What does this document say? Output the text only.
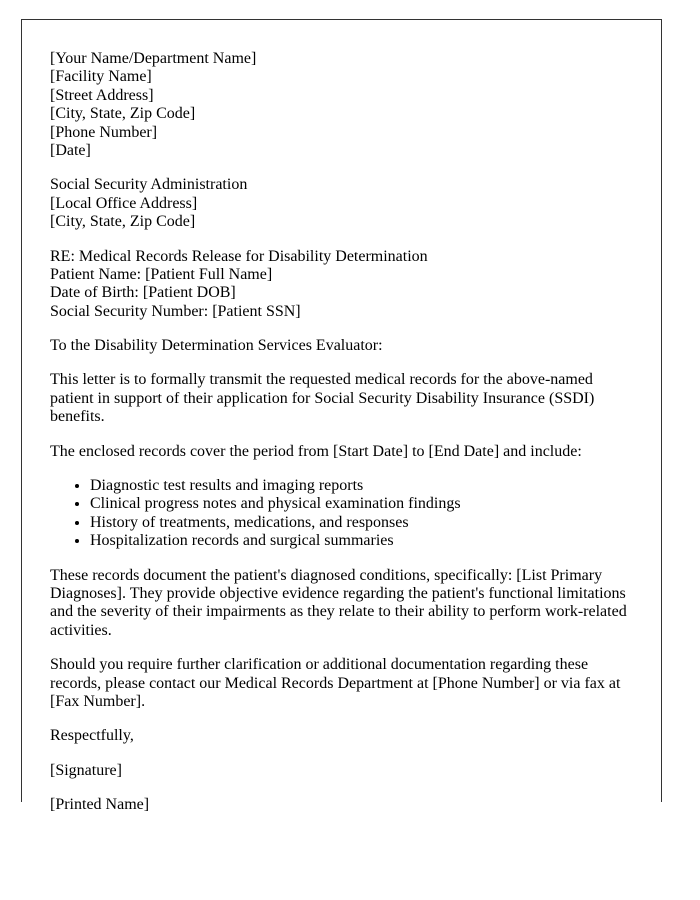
[Your Name/Department Name]
[Facility Name]
[Street Address]
[City, State, Zip Code]
[Phone Number]
[Date]

Social Security Administration
[Local Office Address]
[City, State, Zip Code]

RE: Medical Records Release for Disability Determination
Patient Name: [Patient Full Name]
Date of Birth: [Patient DOB]
Social Security Number: [Patient SSN]

To the Disability Determination Services Evaluator:

This letter is to formally transmit the requested medical records for the above-named patient in support of their application for Social Security Disability Insurance (SSDI) benefits.

The enclosed records cover the period from [Start Date] to [End Date] and include:

• Diagnostic test results and imaging reports
• Clinical progress notes and physical examination findings
• History of treatments, medications, and responses
• Hospitalization records and surgical summaries

These records document the patient's diagnosed conditions, specifically: [List Primary Diagnoses]. They provide objective evidence regarding the patient's functional limitations and the severity of their impairments as they relate to their ability to perform work-related activities.

Should you require further clarification or additional documentation regarding these records, please contact our Medical Records Department at [Phone Number] or via fax at [Fax Number].

Respectfully,

[Signature]

[Printed Name]
